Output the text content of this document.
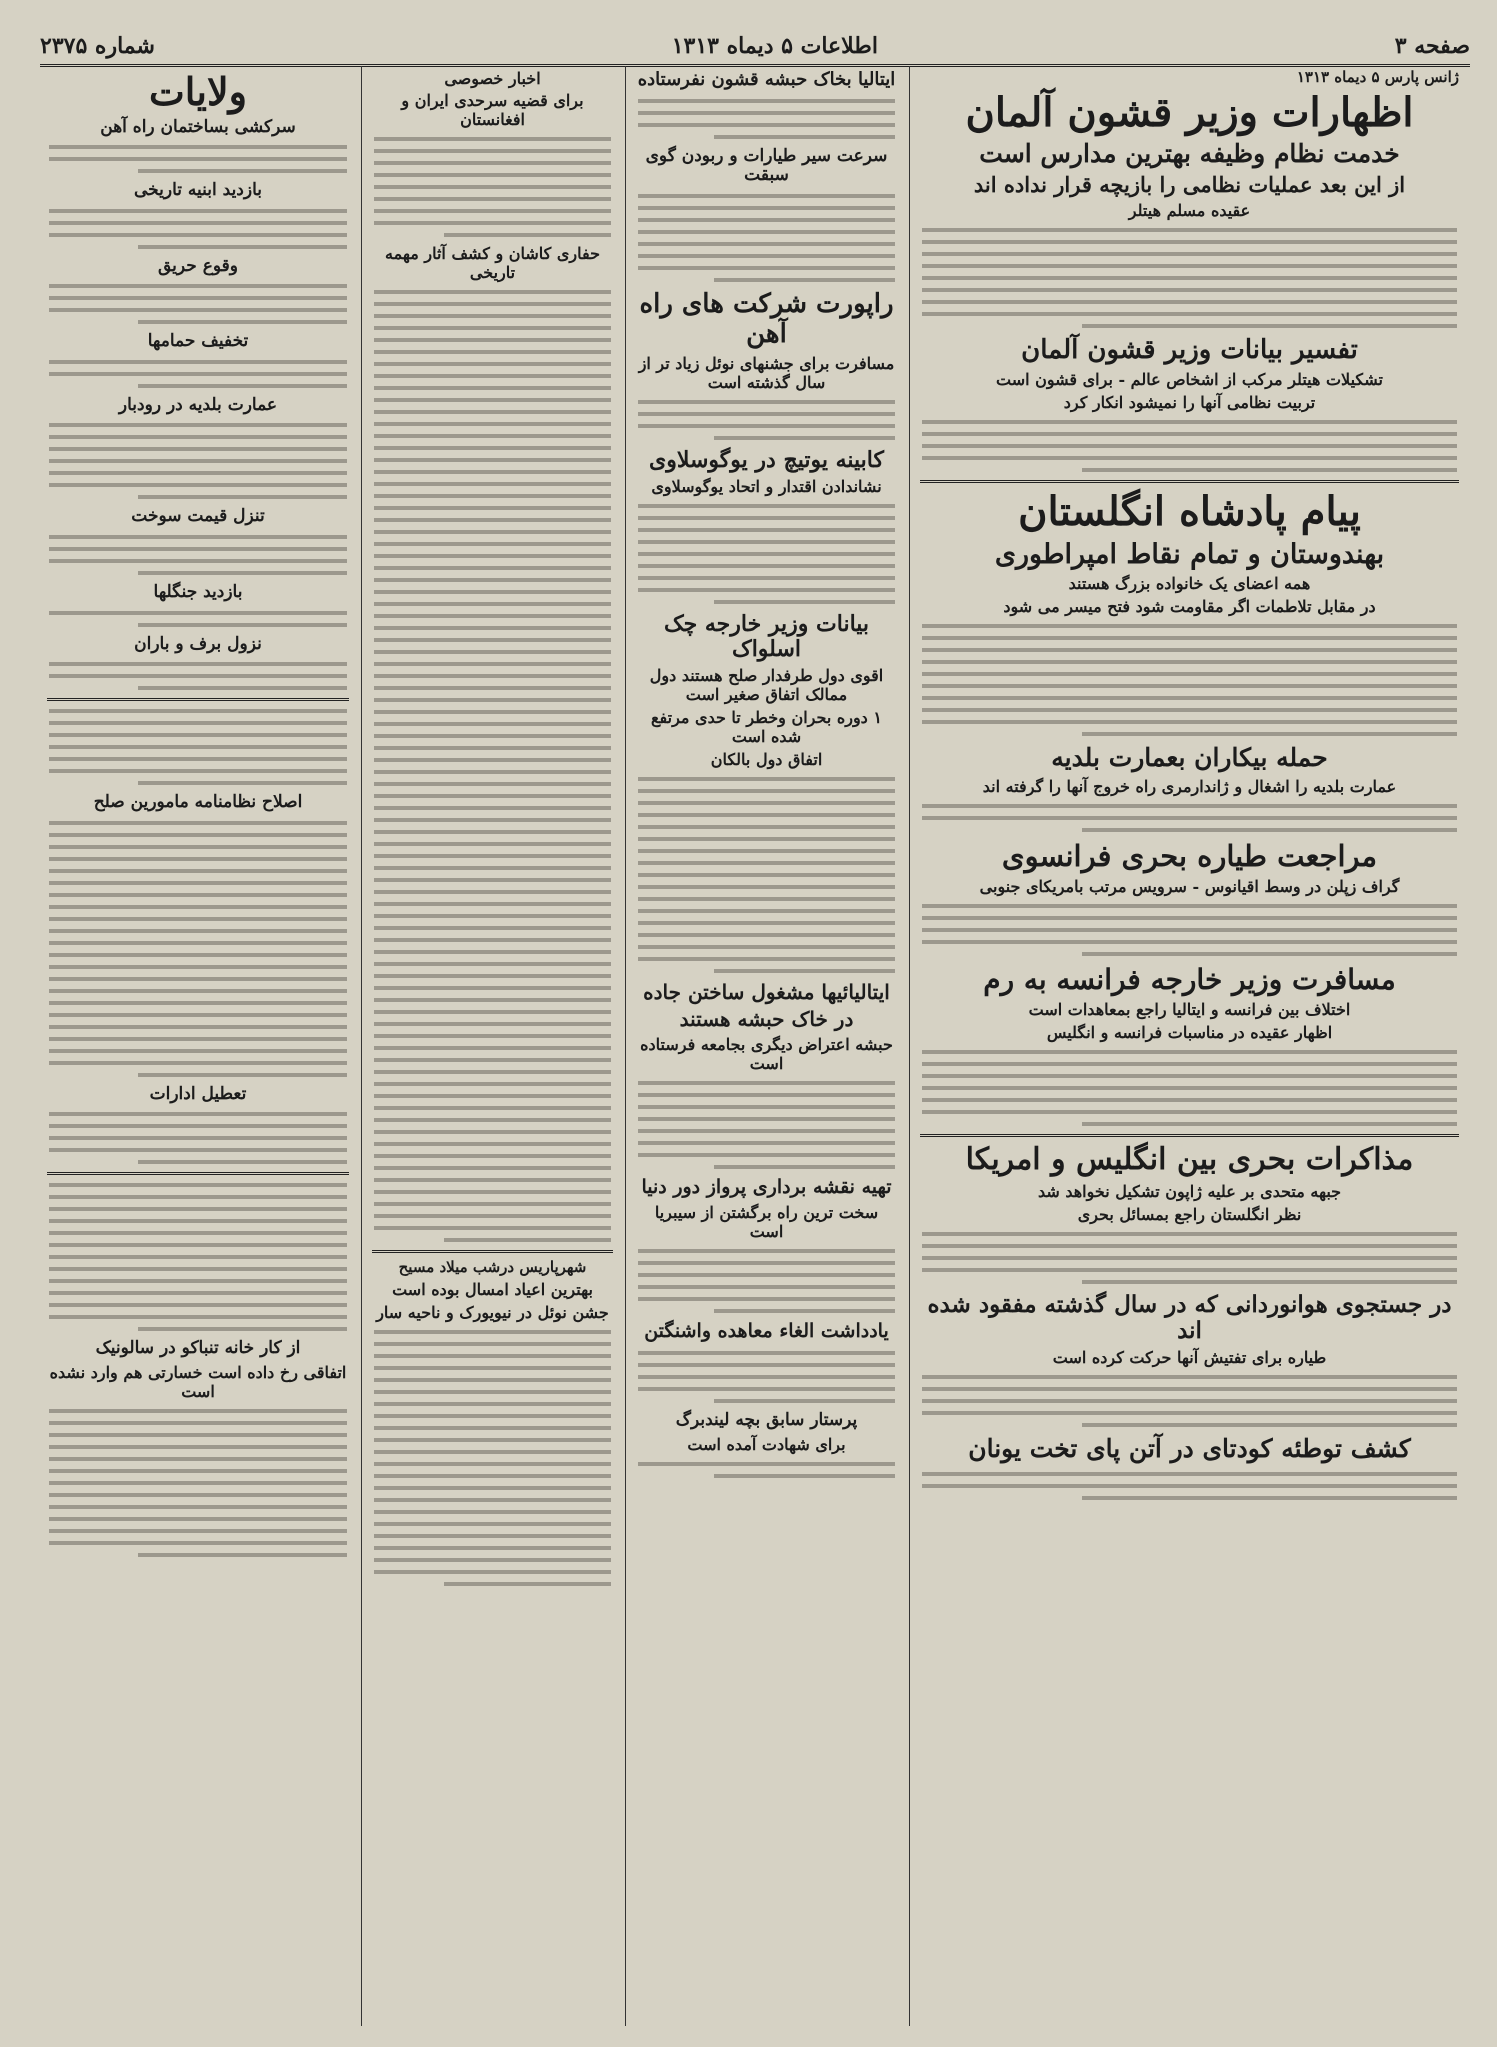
صفحه ۳
اطلاعات ۵ دیماه ۱۳۱۳
شماره ۲۳۷۵
ژانس پارس ۵ دیماه ۱۳۱۳
اظهارات وزیر قشون آلمان
خدمت نظام وظیفه بهترین مدارس است
از این بعد عملیات نظامی را بازیچه قرار نداده اند
عقیده مسلم هیتلر
تفسیر بیانات وزیر قشون آلمان
تشکیلات هیتلر مرکب از اشخاص عالم - برای قشون است
تربیت نظامی آنها را نمیشود انکار کرد
پیام پادشاه انگلستان
بهندوستان و تمام نقاط امپراطوری
همه اعضای یک خانواده بزرگ هستند
در مقابل تلاطمات اگر مقاومت شود فتح میسر می شود
حمله بیکاران بعمارت بلدیه
عمارت بلدیه را اشغال و ژاندارمری راه خروج آنها را گرفته اند
مراجعت طیاره بحری فرانسوی
گراف زپلن در وسط اقیانوس - سرویس مرتب بامریکای جنوبی
مسافرت وزیر خارجه فرانسه به رم
اختلاف بین فرانسه و ایتالیا راجع بمعاهدات است
اظهار عقیده در مناسبات فرانسه و انگلیس
مذاکرات بحری بین انگلیس و امریکا
جبهه متحدی بر علیه ژاپون تشکیل نخواهد شد
نظر انگلستان راجع بمسائل بحری
در جستجوی هوانوردانی که در سال گذشته مفقود شده اند
طیاره برای تفتیش آنها حرکت کرده است
کشف توطئه کودتای در آتن پای تخت یونان
ایتالیا بخاک حبشه قشون نفرستاده
سرعت سیر طیارات و ربودن گوی سبقت
راپورت شرکت های راه آهن
مسافرت برای جشنهای نوئل زیاد تر از سال گذشته است
کابینه یوتیچ در یوگوسلاوی
نشاندادن اقتدار و اتحاد یوگوسلاوی
بیانات وزیر خارجه چک اسلواک
اقوی دول طرفدار صلح هستند دول ممالک اتفاق صغیر است
۱ دوره بحران وخطر تا حدی مرتفع شده است
اتفاق دول بالکان
ایتالیائیها مشغول ساختن جاده
در خاک حبشه هستند
حبشه اعتراض دیگری بجامعه فرستاده است
تهیه نقشه برداری پرواز دور دنیا
سخت ترین راه برگشتن از سیبریا است
یادداشت الغاء معاهده واشنگتن
پرستار سابق بچه لیندبرگ
برای شهادت آمده است
اخبار خصوصی
برای قضیه سرحدی ایران و افغانستان
حفاری کاشان و کشف آثار مهمه تاریخی
شهرپاریس درشب میلاد مسیح
بهترین اعیاد امسال بوده است
جشن نوئل در نیویورک و ناحیه سار
ولایات
سرکشی بساختمان راه آهن
بازدید ابنیه تاریخی
وقوع حریق
تخفیف حمامها
عمارت بلدیه در رودبار
تنزل قیمت سوخت
بازدید جنگلها
نزول برف و باران
اصلاح نظامنامه مامورین صلح
تعطیل ادارات
از کار خانه تنباکو در سالونیک
اتفاقی رخ داده است خسارتی هم وارد نشده است
